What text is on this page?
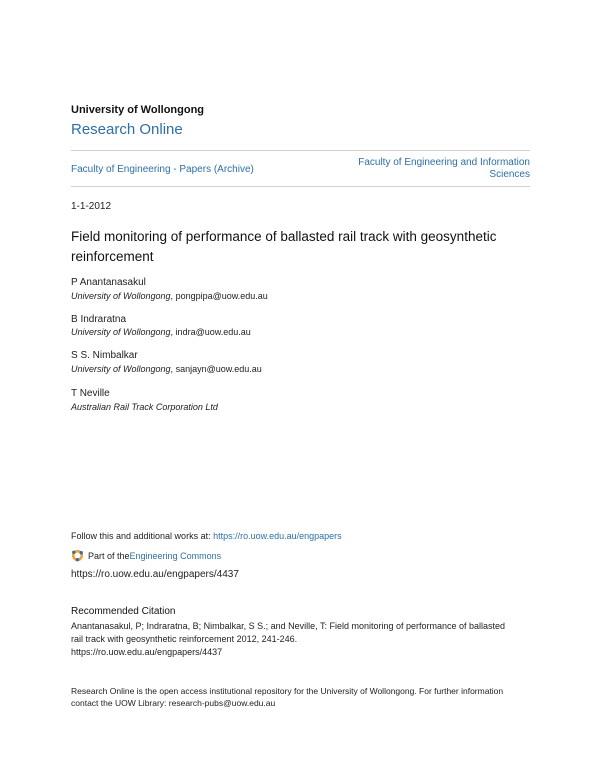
University of Wollongong
Research Online
Faculty of Engineering - Papers (Archive)
Faculty of Engineering and Information
Sciences
1-1-2012
Field monitoring of performance of ballasted rail track with geosynthetic reinforcement
P Anantanasakul
University of Wollongong, pongpipa@uow.edu.au
B Indraratna
University of Wollongong, indra@uow.edu.au
S S. Nimbalkar
University of Wollongong, sanjayn@uow.edu.au
T Neville
Australian Rail Track Corporation Ltd
Follow this and additional works at: https://ro.uow.edu.au/engpapers
Part of the Engineering Commons
https://ro.uow.edu.au/engpapers/4437
Recommended Citation
Anantanasakul, P; Indraratna, B; Nimbalkar, S S.; and Neville, T: Field monitoring of performance of ballasted rail track with geosynthetic reinforcement 2012, 241-246.
https://ro.uow.edu.au/engpapers/4437
Research Online is the open access institutional repository for the University of Wollongong. For further information contact the UOW Library: research-pubs@uow.edu.au
